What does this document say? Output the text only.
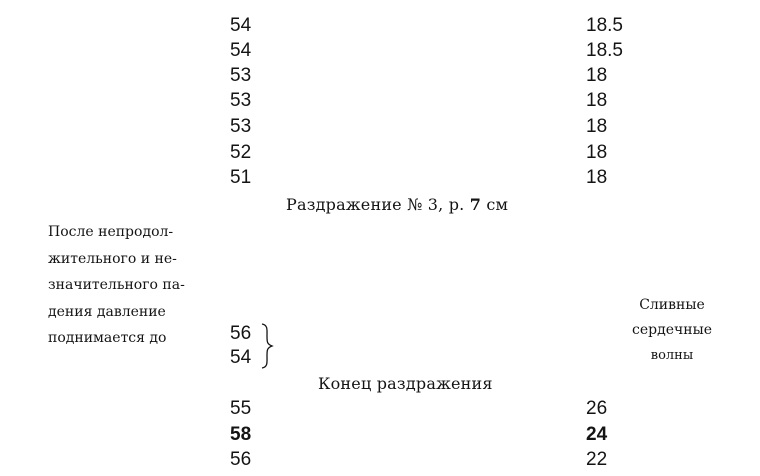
54	18.5
54	18.5
53	18
53	18
53	18
52	18
51	18
Раздражение № 3, р. 7 см
После непродол-
жительного и не-
значительного па-
дения давление
поднимается до	56
54
Сливные
сердечные
волны
Конец раздражения
55	26
58	24
56	22
